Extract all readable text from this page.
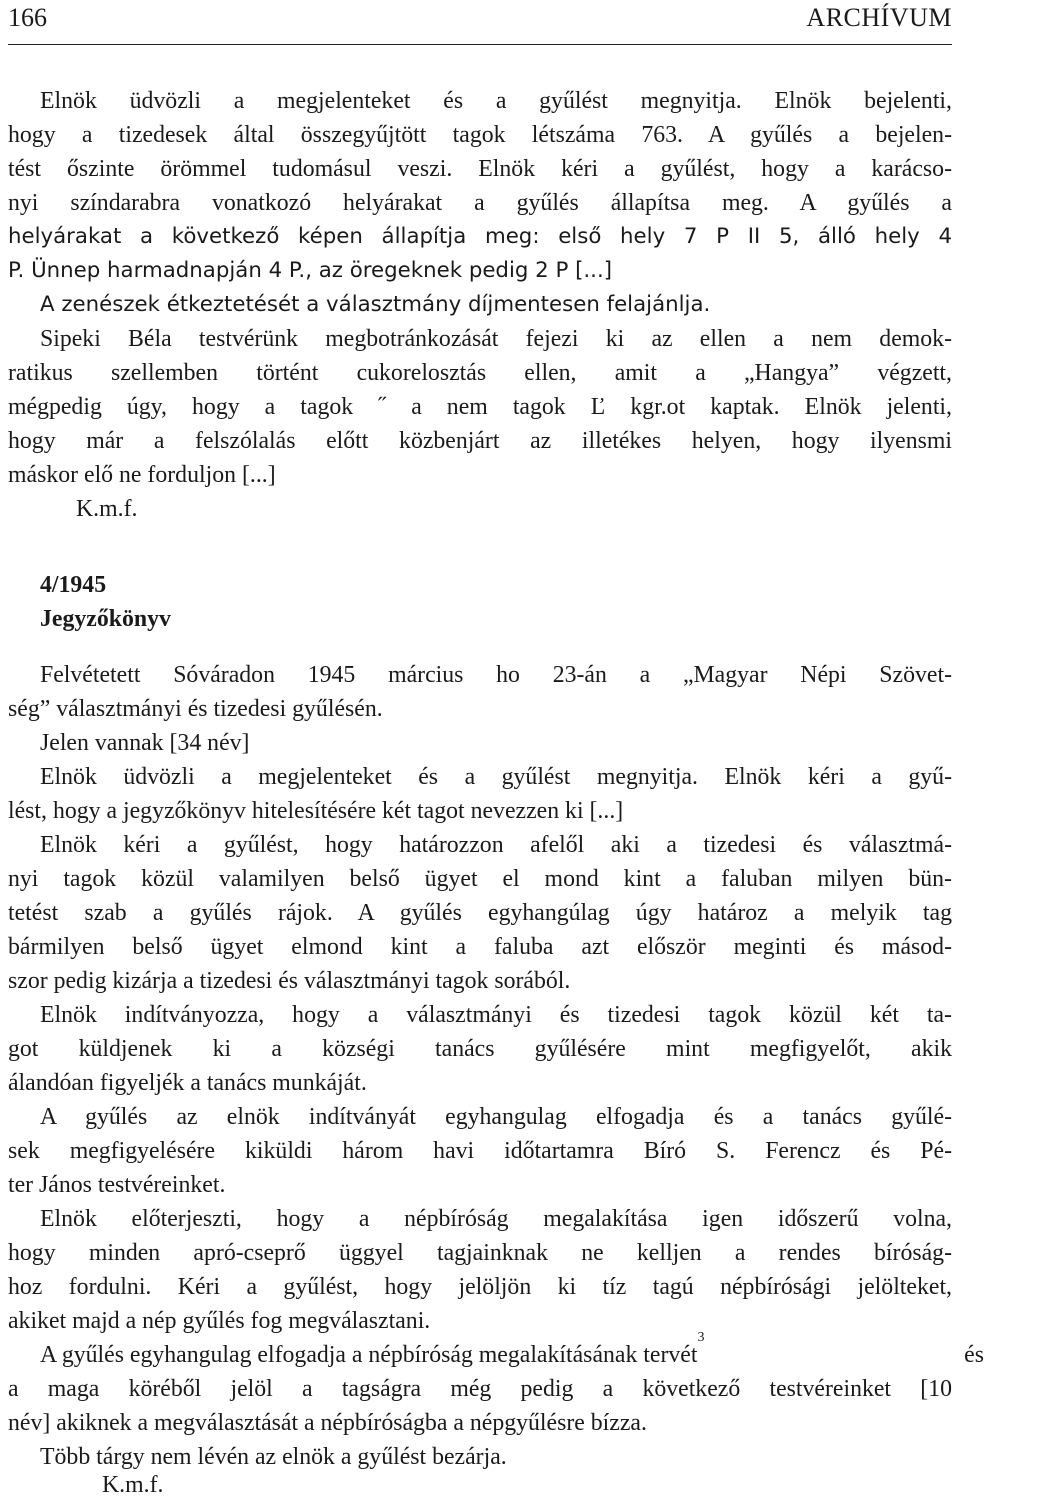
166	ARCHÍVUM
Elnök üdvözli a megjelenteket és a gyűlést megnyitja. Elnök bejelenti,
hogy a tizedesek által összegyűjtött tagok létszáma 763. A gyűlés a bejelen-
tést őszinte örömmel tudomásul veszi. Elnök kéri a gyűlést, hogy a karácso-
nyi színdarabra vonatkozó helyárakat a gyűlés állapítsa meg. A gyűlés a
helyárakat a következő képen állapítja meg: első hely 7 P II 5, álló hely 4
P. Ünnep harmadnapján 4 P., az öregeknek pedig 2 P [...]
A zenészek étkeztetését a választmány díjmentesen felajánlja.
Sipeki Béla testvérünk megbotránkozását fejezi ki az ellen a nem demok-
ratikus szellemben történt cukorelosztás ellen, amit a „Hangya” végzett,
mégpedig úgy, hogy a tagok ˝ a nem tagok Ľ kgr.ot kaptak. Elnök jelenti,
hogy már a felszólalás előtt közbenjárt az illetékes helyen, hogy ilyensmi
máskor elő ne forduljon [...]
K.m.f.
4/1945
Jegyzőkönyv
Felvétetett Sóváradon 1945 március ho 23-án a „Magyar Népi Szövet-
ség” választmányi és tizedesi gyűlésén.
Jelen vannak [34 név]
Elnök üdvözli a megjelenteket és a gyűlést megnyitja. Elnök kéri a gyű-
lést, hogy a jegyzőkönyv hitelesítésére két tagot nevezzen ki [...]
Elnök kéri a gyűlést, hogy határozzon afelől aki a tizedesi és választmá-
nyi tagok közül valamilyen belső ügyet el mond kint a faluban milyen bün-
tetést szab a gyűlés rájok. A gyűlés egyhangúlag úgy határoz a melyik tag
bármilyen belső ügyet elmond kint a faluba azt először meginti és másod-
szor pedig kizárja a tizedesi és választmányi tagok sorából.
Elnök indítványozza, hogy a választmányi és tizedesi tagok közül két ta-
got küldjenek ki a községi tanács gyűlésére mint megfigyelőt, akik
álandóan figyeljék a tanács munkáját.
A gyűlés az elnök indítványát egyhangulag elfogadja és a tanács gyűlé-
sek megfigyelésére kiküldi három havi időtartamra Bíró S. Ferencz és Pé-
ter János testvéreinket.
Elnök előterjeszti, hogy a népbíróság megalakítása igen időszerű volna,
hogy minden apró-cseprő üggyel tagjainknak ne kelljen a rendes bíróság-
hoz fordulni. Kéri a gyűlést, hogy jelöljön ki tíz tagú népbírósági jelölteket,
akiket majd a nép gyűlés fog megválasztani.
A gyűlés egyhangulag elfogadja a népbíróság megalakításának tervét
3
és
a maga köréből jelöl a tagságra még pedig a következő testvéreinket [10
név] akiknek a megválasztását a népbíróságba a népgyűlésre bízza.
Több tárgy nem lévén az elnök a gyűlést bezárja.
K.m.f.
